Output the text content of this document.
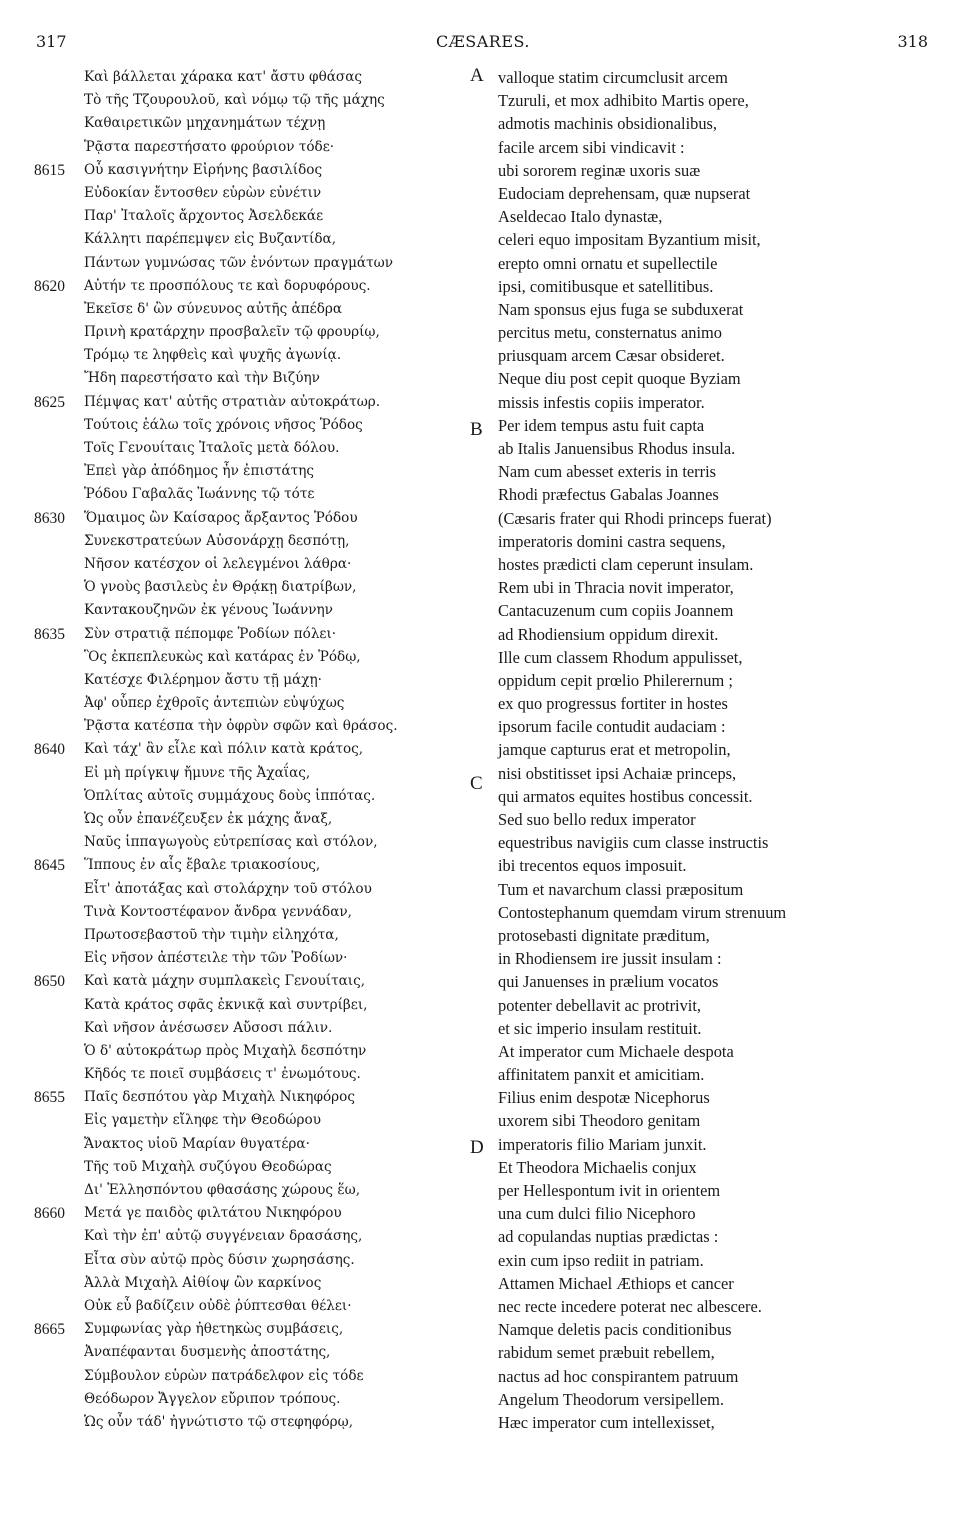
317	CÆSARES.	318
Καὶ βάλλεται χάρακα κατ' ἄστυ φθάσας
Τὸ τῆς Τζουρουλοῦ, καὶ νόμῳ τῷ τῆς μάχης
Καθαιρετικῶν μηχανημάτων τέχνῃ
Ῥᾷστα παρεστήσατο φρούριον τόδε·
8615	Οὗ κασιγνήτην Εἰρήνης βασιλίδος
Εὐδοκίαν ἔντοσθεν εὑρὼν εὐνέτιν
Παρ' Ἰταλοῖς ἄρχοντος Ἀσελδεκάε
Κάλλητι παρέπεμψεν εἰς Βυζαντίδα,
Πάντων γυμνώσας τῶν ἐνόντων πραγμάτων
8620	Αὐτήν τε προσπόλους τε καὶ δορυφόρους.
Ἐκεῖσε δ' ὢν σύνευνος αὐτῆς ἀπέδρα
Πρινὴ κρατάρχην προσβαλεῖν τῷ φρουρίῳ,
Τρόμῳ τε ληφθεὶς καὶ ψυχῆς ἀγωνίᾳ.
Ἤδη παρεστήσατο καὶ τὴν Βιζύην
8625	Πέμψας κατ' αὐτῆς στρατιὰν αὐτοκράτωρ.
Τούτοις ἑάλω τοῖς χρόνοις νῆσος Ῥόδος
Τοῖς Γενουίταις Ἰταλοῖς μετὰ δόλου.
Ἐπεὶ γὰρ ἀπόδημος ἦν ἐπιστάτης
Ῥόδου Γαβαλᾶς Ἰωάννης τῷ τότε
8630	Ὅμαιμος ὢν Καίσαρος ἄρξαντος Ῥόδου
Συνεκστρατεύων Αὐσονάρχῃ δεσπότῃ,
Νῆσον κατέσχον οἱ λελεγμένοι λάθρα·
Ὁ γνοὺς βασιλεὺς ἐν Θρᾴκῃ διατρίβων,
Κανтακουζηνῶν ἐκ γένους Ἰωάννην
8635	Σὺν στρατιᾷ πέπομφε Ῥοδίων πόλει·
Ὃς ἐκπεπλευκὼς καὶ κατάρας ἐν Ῥόδῳ,
Κατέσχε Φιλέρημον ἄστυ τῇ μάχῃ·
Ἀφ' οὗπερ ἐχθροῖς ἀντεπιὼν εὐψύχως
Ῥᾷστα κατέσπα τὴν ὀφρὺν σφῶν καὶ θράσος.
8640	Καὶ τάχ' ἂν εἷλε καὶ πόλιν κατὰ κράτος,
Εἰ μὴ πρίγκιψ ἤμυνε τῆς Ἀχαΐας,
Ὁπλίτας αὐτοῖς συμμάχους δοὺς ἱππότας.
Ὡς οὖν ἐπανέζευξεν ἐκ μάχης ἄναξ,
Ναῦς ἱππαγωγοὺς εὐτρεπίσας καὶ στόλον,
8645	Ἵππους ἐν αἷς ἔβαλε τριακοσίους,
Εἶτ' ἀποτάξας καὶ στολάρχην τοῦ στόλου
Τινὰ Κοντοστέφανον ἄνδρα γεννάδαν,
Πρωτοσεβαστοῦ τὴν τιμὴν εἰληχότα,
Εἰς νῆσον ἀπέστειλε τὴν τῶν Ῥοδίων·
8650	Καὶ κατὰ μάχην συμπλακεὶς Γενουίταις,
Κατὰ κράτος σφᾶς ἐκνικᾷ καὶ συντρίβει,
Καὶ νῆσον ἀνέσωσεν Αὔσοσι πάλιν.
Ὁ δ' αὐτοκράτωρ πρὸς Μιχαὴλ δεσπότην
Κῆδός τε ποιεῖ συμβάσεις τ' ἐνωμότους.
8655	Παῖς δεσπότου γὰρ Μιχαὴλ Νικηφόρος
Εἰς γαμετὴν εἴληφε τὴν Θεοδώρου
Ἄνακτος υἱοῦ Μαρίαν θυγατέρα·
Τῆς τοῦ Μιχαὴλ συζύγου Θεοδώρας
Δι' Ἑλλησπόντου φθασάσης χώρους ἕω,
8660	Μετά γε παιδὸς φιλτάτου Νικηφόρου
Καὶ τὴν ἐπ' αὐτῷ συγγένειαν δρασάσης,
Εἶτα σὺν αὐτῷ πρὸς δύσιν χωρησάσης.
Ἀλλὰ Μιχαὴλ Αἰθίοψ ὢν καρκίνος
Οὐκ εὖ βαδίζειν οὐδὲ ῥύπτεσθαι θέλει·
8665	Συμφωνίας γὰρ ἠθετηκὼς συμβάσεις,
Ἀναπέφανται δυσμενὴς ἀποστάτης,
Σύμβουλον εὑρὼν πατράδελφον εἰς τόδε
Θεόδωρον Ἄγγελον εὔριπον τρόπους.
Ὡς οὖν τάδ' ἠγνώτιστο τῷ στεφηφόρῳ,
valloque statim circumclusit arcem
Tzuruli, et mox adhibito Martis opere,
admotis machinis obsidionalibus,
facile arcem sibi vindicavit :
ubi sororem reginæ uxoris suæ
Eudociam deprehensam, quæ nupserat
Aseldecao Italo dynastæ,
celeri equo impositam Byzantium misit,
erepto omni ornatu et supellectile
ipsi, comitibusque et satellitibus.
Nam sponsus ejus fuga se subduxerat
percitus metu, consternatus animo
priusquam arcem Cæsar obsideret.
Neque diu post cepit quoque Byziam
missis infestis copiis imperator.
Per idem tempus astu fuit capta
ab Italis Januensibus Rhodus insula.
Nam cum abesset exteris in terris
Rhodi præfectus Gabalas Joannes
(Cæsaris frater qui Rhodi princeps fuerat)
imperatoris domini castra sequens,
hostes prædicti clam ceperunt insulam.
Rem ubi in Thracia novit imperator,
Cantacuzenum cum copiis Joannem
ad Rhodiensium oppidum direxit.
Ille cum classem Rhodum appulisset,
oppidum cepit prœlio Philerernum ;
ex quo progressus fortiter in hostes
ipsorum facile contudit audaciam :
jamque capturus erat et metropolin,
nisi obstitisset ipsi Achaiæ princeps,
qui armatos equites hostibus concessit.
Sed suo bello redux imperator
equestribus navigiis cum classe instructis
ibi trecentos equos imposuit.
Tum et navarchum classi præpositum
Contostephanum quemdam virum strenuum
protosebasti dignitate præditum,
in Rhodiensem ire jussit insulam :
qui Januenses in prælium vocatos
potenter debellavit ac protrivit,
et sic imperio insulam restituit.
At imperator cum Michaele despota
affinitatem panxit et amicitiam.
Filius enim despotæ Nicephorus
uxorem sibi Theodoro genitam
imperatoris filio Mariam junxit.
Et Theodora Michaelis conjux
per Hellespontum ivit in orientem
una cum dulci filio Nicephoro
ad copulandas nuptias prædictas :
exin cum ipso rediit in patriam.
Attamen Michael Æthiops et cancer
nec recte incedere poterat nec albescere.
Namque deletis pacis conditionibus
rabidum semet præbuit rebellem,
nactus ad hoc conspirantem patruum
Angelum Theodorum versipellem.
Hæc imperator cum intellexisset,
A
B
C
D
